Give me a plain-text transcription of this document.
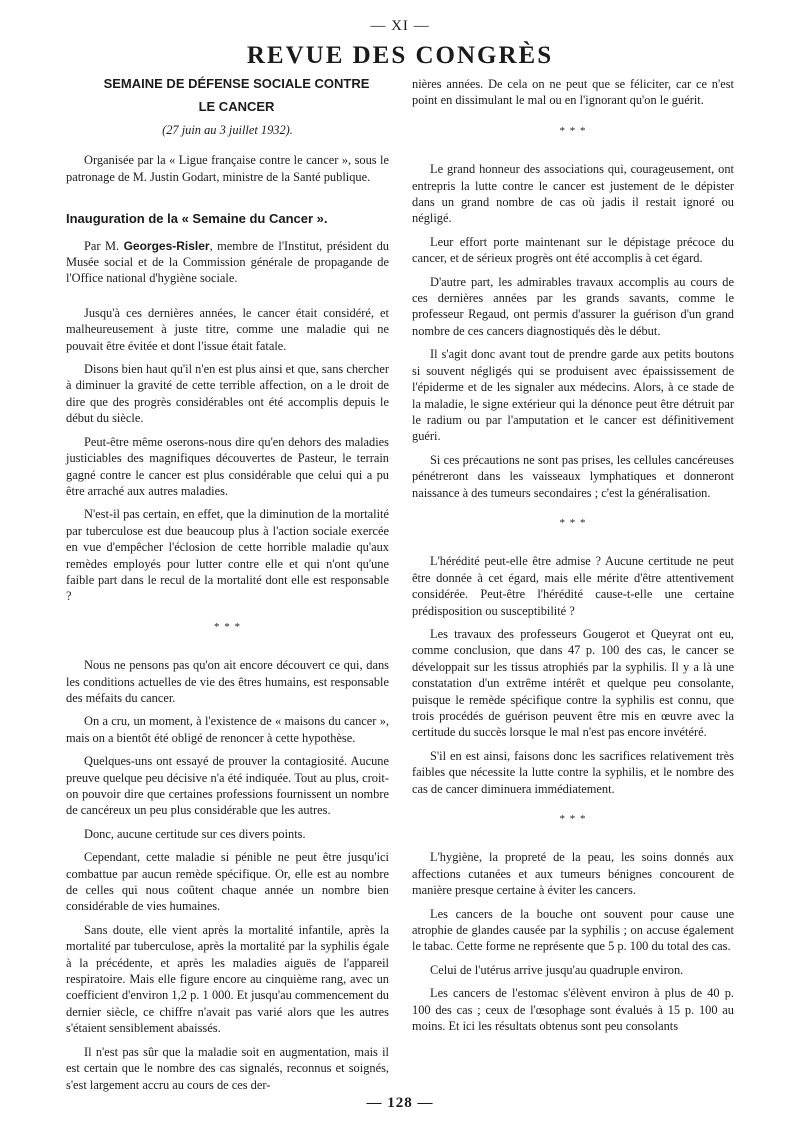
— XI —
REVUE DES CONGRÈS

SEMAINE DE DÉFENSE SOCIALE CONTRE

LE CANCER

(27 juin au 3 juillet 1932).

Organisée par la « Ligue française contre le cancer », sous le patronage de M. Justin Godart, ministre de la Santé publique.

Inauguration de la « Semaine du Cancer ».

Par M. Georges-Risler, membre de l'Institut, président du Musée social et de la Commission générale de propagande de l'Office national d'hygiène sociale.

Jusqu'à ces dernières années, le cancer était considéré, et malheureusement à juste titre, comme une maladie qui ne pouvait être évitée et dont l'issue était fatale.

Disons bien haut qu'il n'en est plus ainsi et que, sans chercher à diminuer la gravité de cette terrible affection, on a le droit de dire que des progrès considérables ont été accomplis depuis le début du siècle.

Peut-être même oserons-nous dire qu'en dehors des maladies justiciables des magnifiques découvertes de Pasteur, le terrain gagné contre le cancer est plus considérable que celui qui a pu être arraché aux autres maladies.

N'est-il pas certain, en effet, que la diminution de la mortalité par tuberculose est due beaucoup plus à l'action sociale exercée en vue d'empêcher l'éclosion de cette horrible maladie qu'aux remèdes employés pour lutter contre elle et qui n'ont qu'une faible part dans le recul de la mortalité dont elle est responsable ?

* * *

Nous ne pensons pas qu'on ait encore découvert ce qui, dans les conditions actuelles de vie des êtres humains, est responsable des méfaits du cancer.

On a cru, un moment, à l'existence de « maisons du cancer », mais on a bientôt été obligé de renoncer à cette hypothèse.

Quelques-uns ont essayé de prouver la contagiosité. Aucune preuve quelque peu décisive n'a été indiquée. Tout au plus, croit-on pouvoir dire que certaines professions fournissent un nombre de cancéreux un peu plus considérable que les autres.

Donc, aucune certitude sur ces divers points.

Cependant, cette maladie si pénible ne peut être jusqu'ici combattue par aucun remède spécifique. Or, elle est au nombre de celles qui nous coûtent chaque année un nombre bien considérable de vies humaines.

Sans doute, elle vient après la mortalité infantile, après la mortalité par tuberculose, après la mortalité par la syphilis égale à la précédente, et après les maladies aiguës de l'appareil respiratoire. Mais elle figure encore au cinquième rang, avec un coefficient d'environ 1,2 p. 1 000. Et jusqu'au commencement du dernier siècle, ce chiffre n'avait pas varié alors que les autres s'étaient sensiblement abaissés.

Il n'est pas sûr que la maladie soit en augmentation, mais il est certain que le nombre des cas signalés, reconnus et soignés, s'est largement accru au cours de ces der-

nières années. De cela on ne peut que se féliciter, car ce n'est point en dissimulant le mal ou en l'ignorant qu'on le guérit.

* * *

Le grand honneur des associations qui, courageusement, ont entrepris la lutte contre le cancer est justement de le dépister dans un grand nombre de cas où jadis il restait ignoré ou négligé.

Leur effort porte maintenant sur le dépistage précoce du cancer, et de sérieux progrès ont été accomplis à cet égard.

D'autre part, les admirables travaux accomplis au cours de ces dernières années par les grands savants, comme le professeur Regaud, ont permis d'assurer la guérison d'un grand nombre de ces cancers diagnostiqués dès le début.

Il s'agit donc avant tout de prendre garde aux petits boutons si souvent négligés qui se produisent avec épaississement de l'épiderme et de les signaler aux médecins. Alors, à ce stade de la maladie, le signe extérieur qui la dénonce peut être détruit par le radium ou par l'amputation et le cancer est définitivement guéri.

Si ces précautions ne sont pas prises, les cellules cancéreuses pénétreront dans les vaisseaux lymphatiques et donneront naissance à des tumeurs secondaires ; c'est la généralisation.

* * *

L'hérédité peut-elle être admise ? Aucune certitude ne peut être donnée à cet égard, mais elle mérite d'être attentivement considérée. Peut-être l'hérédité cause-t-elle une certaine prédisposition ou susceptibilité ?

Les travaux des professeurs Gougerot et Queyrat ont eu, comme conclusion, que dans 47 p. 100 des cas, le cancer se développait sur les tissus atrophiés par la syphilis. Il y a là une constatation d'un extrême intérêt et quelque peu consolante, puisque le remède spécifique contre la syphilis est connu, que trois procédés de guérison peuvent être mis en œuvre avec la certitude du succès lorsque le mal n'est pas encore invétéré.

S'il en est ainsi, faisons donc les sacrifices relativement très faibles que nécessite la lutte contre la syphilis, et le nombre des cas de cancer diminuera immédiatement.

* * *

L'hygiène, la propreté de la peau, les soins donnés aux affections cutanées et aux tumeurs bénignes concourent de manière presque certaine à éviter les cancers.

Les cancers de la bouche ont souvent pour cause une atrophie de glandes causée par la syphilis ; on accuse également le tabac. Cette forme ne représente que 5 p. 100 du total des cas.

Celui de l'utérus arrive jusqu'au quadruple environ.

Les cancers de l'estomac s'élèvent environ à plus de 40 p. 100 des cas ; ceux de l'œsophage sont évalués à 15 p. 100 au moins. Et ici les résultats obtenus sont peu consolants

— 128 —
